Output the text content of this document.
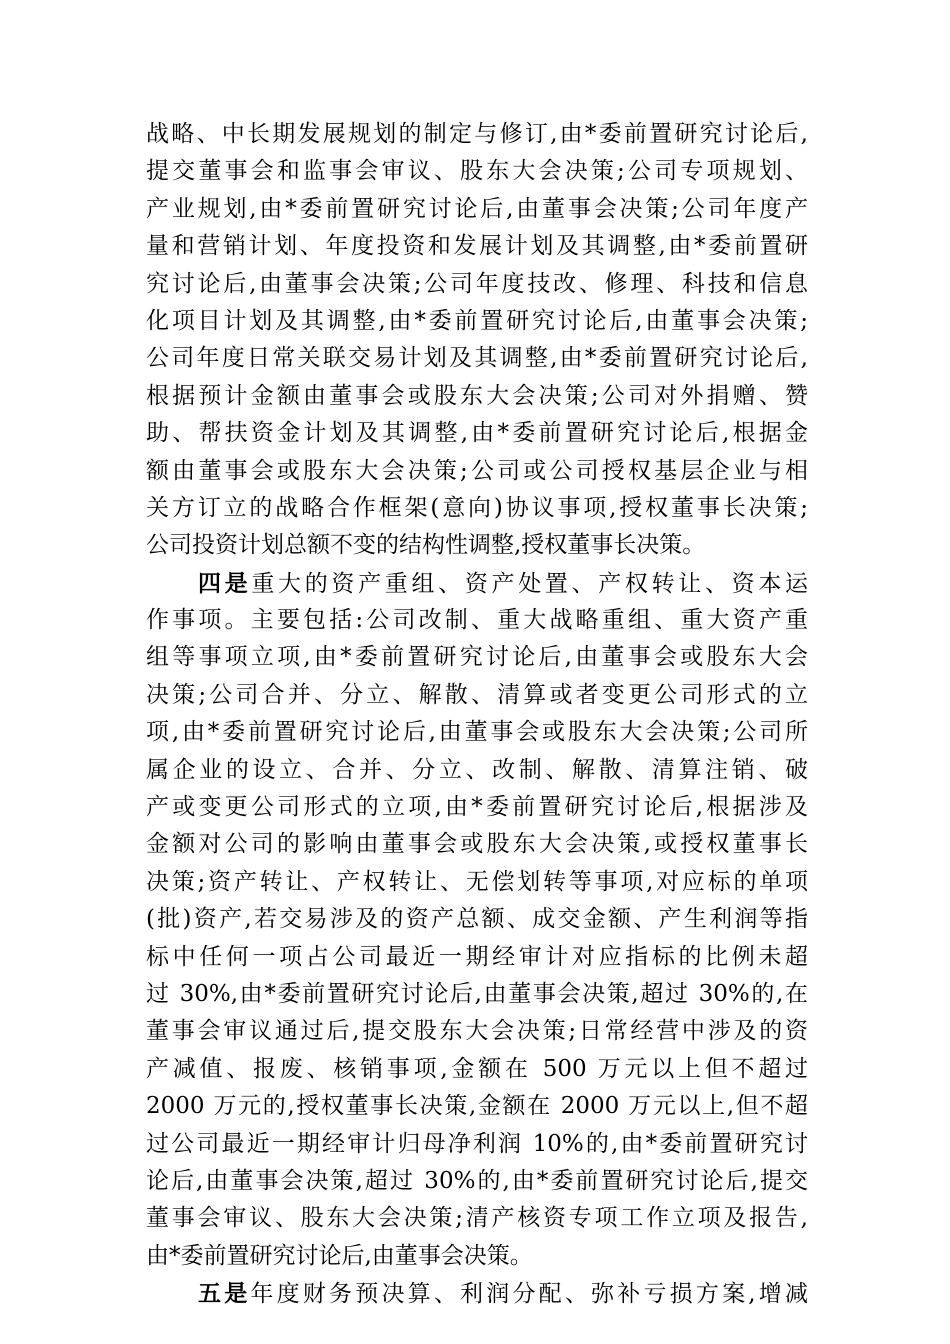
战略、中长期发展规划的制定与修订,由*委前置研究讨论后,
提交董事会和监事会审议、股东大会决策;公司专项规划、
产业规划,由*委前置研究讨论后,由董事会决策;公司年度产
量和营销计划、年度投资和发展计划及其调整,由*委前置研
究讨论后,由董事会决策;公司年度技改、修理、科技和信息
化项目计划及其调整,由*委前置研究讨论后,由董事会决策;
公司年度日常关联交易计划及其调整,由*委前置研究讨论后,
根据预计金额由董事会或股东大会决策;公司对外捐赠、赞
助、帮扶资金计划及其调整,由*委前置研究讨论后,根据金
额由董事会或股东大会决策;公司或公司授权基层企业与相
关方订立的战略合作框架(意向)协议事项,授权董事长决策;
公司投资计划总额不变的结构性调整,授权董事长决策。
四是重大的资产重组、资产处置、产权转让、资本运
作事项。主要包括:公司改制、重大战略重组、重大资产重
组等事项立项,由*委前置研究讨论后,由董事会或股东大会
决策;公司合并、分立、解散、清算或者变更公司形式的立
项,由*委前置研究讨论后,由董事会或股东大会决策;公司所
属企业的设立、合并、分立、改制、解散、清算注销、破
产或变更公司形式的立项,由*委前置研究讨论后,根据涉及
金额对公司的影响由董事会或股东大会决策,或授权董事长
决策;资产转让、产权转让、无偿划转等事项,对应标的单项
(批)资产,若交易涉及的资产总额、成交金额、产生利润等指
标中任何一项占公司最近一期经审计对应指标的比例未超
过 30%,由*委前置研究讨论后,由董事会决策,超过 30%的,在
董事会审议通过后,提交股东大会决策;日常经营中涉及的资
产减值、报废、核销事项,金额在 500 万元以上但不超过
2000 万元的,授权董事长决策,金额在 2000 万元以上,但不超
过公司最近一期经审计归母净利润 10%的,由*委前置研究讨
论后,由董事会决策,超过 30%的,由*委前置研究讨论后,提交
董事会审议、股东大会决策;清产核资专项工作立项及报告,
由*委前置研究讨论后,由董事会决策。
五是年度财务预决算、利润分配、弥补亏损方案,增减
